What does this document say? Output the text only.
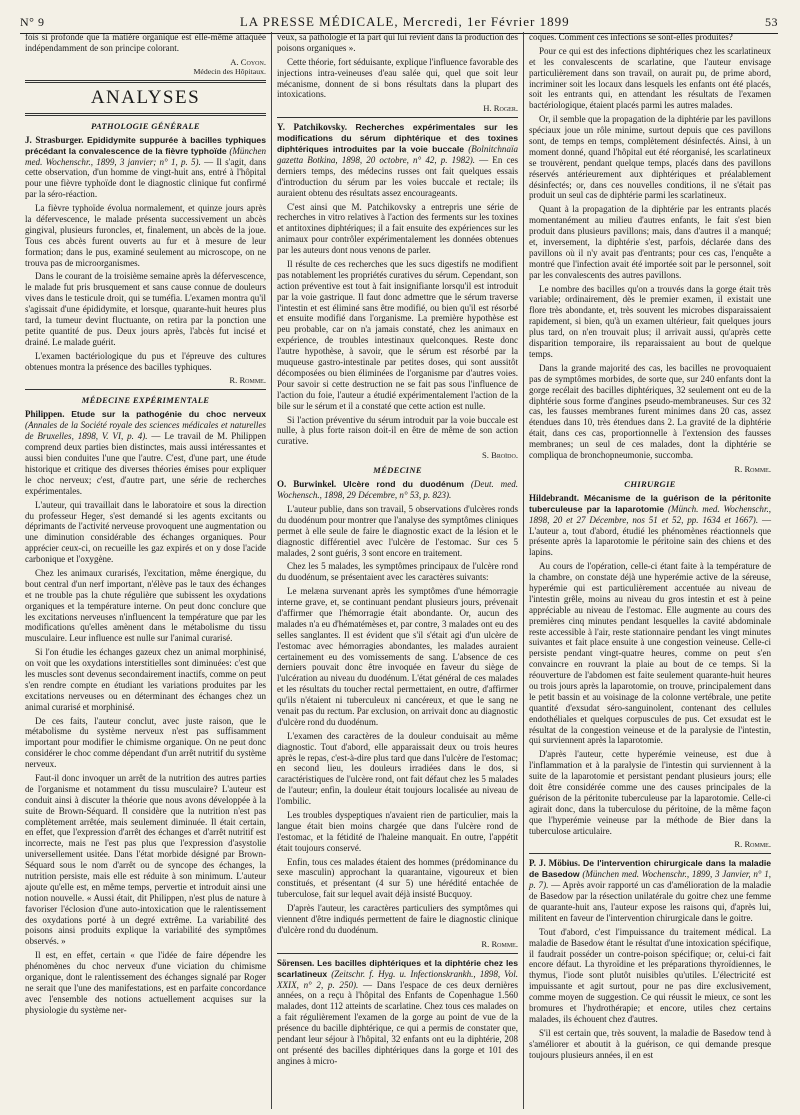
N° 9	LA PRESSE MÉDICALE, Mercredi, 1er Février 1899	53

fois si profonde que la matière organique est elle-même attaquée indépendamment de son principe colorant.

A. Coyon.
Médecin des Hôpitaux.
ANALYSES
PATHOLOGIE GÉNÉRALE

J. Strasburger. Epididymite suppurée à bacilles typhiques précédant la convalescence de la fièvre typhoïde (München med. Wochenschr., 1899, 3 janvier; n° 1, p. 5). — Il s'agit, dans cette observation, d'un homme de vingt-huit ans, entré à l'hôpital pour une fièvre typhoïde dont le diagnostic clinique fut confirmé par la séro-réaction.

La fièvre typhoïde évolua normalement, et quinze jours après la défervescence, le malade présenta successivement un abcès gingival, plusieurs furoncles, et, finalement, un abcès de la joue. Tous ces abcès furent ouverts au fur et à mesure de leur formation; dans le pus, examiné seulement au microscope, on ne trouva pas de microorganismes.

Dans le courant de la troisième semaine après la défervescence, le malade fut pris brusquement et sans cause connue de douleurs vives dans le testicule droit, qui se tuméfia. L'examen montra qu'il s'agissait d'une épididymite, et lorsque, quarante-huit heures plus tard, la tumeur devint fluctuante, on retira par la ponction une petite quantité de pus. Deux jours après, l'abcès fut incisé et drainé. Le malade guérit.

L'examen bactériologique du pus et l'épreuve des cultures obtenues montra la présence des bacilles typhiques.

R. Romme.
MÉDECINE EXPÉRIMENTALE

Philippen. Etude sur la pathogénie du choc nerveux (Annales de la Société royale des sciences médicales et naturelles de Bruxelles, 1898, V. VI, p. 4). — Le travail de M. Philippen comprend deux parties bien distinctes, mais aussi intéressantes et aussi bien conduites l'une que l'autre. C'est, d'une part, une étude historique et critique des diverses théories émises pour expliquer le choc nerveux; c'est, d'autre part, une série de recherches expérimentales.

L'auteur, qui travaillait dans le laboratoire et sous la direction du professeur Heger, s'est demandé si les agents excitants ou déprimants de l'activité nerveuse provoquent une augmentation ou une diminution considérable des échanges organiques. Pour apprécier ceux-ci, on recueille les gaz expirés et on y dose l'acide carbonique et l'oxygène.

Chez les animaux curarisés, l'excitation, même énergique, du bout central d'un nerf important, n'élève pas le taux des échanges et ne trouble pas la chute régulière que subissent les oxydations organiques et la température interne. On peut donc conclure que les excitations nerveuses n'influencent la température que par les modifications qu'elles amènent dans le métabolisme du tissu musculaire. Leur influence est nulle sur l'animal curarisé.

Si l'on étudie les échanges gazeux chez un animal morphinisé, on voit que les oxydations interstitielles sont diminuées: c'est que les muscles sont devenus secondairement inactifs, comme on peut s'en rendre compte en étudiant les variations produites par les excitations nerveuses ou en déterminant des échanges chez un animal curarisé et morphinisé.

De ces faits, l'auteur conclut, avec juste raison, que le métabolisme du système nerveux n'est pas suffisamment important pour modifier le chimisme organique. On ne peut donc considérer le choc comme dépendant d'un arrêt nutritif du système nerveux.

Faut-il donc invoquer un arrêt de la nutrition des autres parties de l'organisme et notamment du tissu musculaire? L'auteur est conduit ainsi à discuter la théorie que nous avons développée à la suite de Brown-Séquard. Il considère que la nutrition n'est pas complètement arrêtée, mais seulement diminuée. Il était certain, en effet, que l'expression d'arrêt des échanges et d'arrêt nutritif est incorrecte, mais ne l'est pas plus que l'expression d'asystolie universellement usitée. Dans l'état morbide désigné par Brown-Séquard sous le nom d'arrêt ou de syncope des échanges, la nutrition persiste, mais elle est réduite à son minimum. L'auteur ajoute qu'elle est, en même temps, pervertie et introduit ainsi une notion nouvelle. « Aussi était, dit Philippen, n'est plus de nature à favoriser l'éclosion d'une auto-intoxication que le ralentissement des oxydations porté à un degré extrême. La variabilité des poisons ainsi produits explique la variabilité des symptômes observés. »

Il est, en effet, certain « que l'idée de faire dépendre les phénomènes du choc nerveux d'une viciation du chimisme organique, dont le ralentissement des échanges signalé par Roger ne serait que l'une des manifestations, est en parfaite concordance avec l'ensemble des notions actuellement acquises sur la physiologie du système ner-

veux, sa pathologie et la part qui lui revient dans la production des poisons organiques ».

Cette théorie, fort séduisante, explique l'influence favorable des injections intra-veineuses d'eau salée qui, quel que soit leur mécanisme, donnent de si bons résultats dans la plupart des intoxications.

H. Roger.

Y. Patchikovsky. Recherches expérimentales sur les modifications du sérum diphtérique et des toxines diphtériques introduites par la voie buccale (Bolnitchnaïa gazetta Botkina, 1898, 20 octobre, n° 42, p. 1982). — En ces derniers temps, des médecins russes ont fait quelques essais d'introduction du sérum par les voies buccale et rectale; ils auraient obtenu des résultats assez encourageants.

C'est ainsi que M. Patchikovsky a entrepris une série de recherches in vitro relatives à l'action des ferments sur les toxines et antitoxines diphtériques; il a fait ensuite des expériences sur les animaux pour contrôler expérimentalement les données obtenues par les auteurs dont nous venons de parler.

Il résulte de ces recherches que les sucs digestifs ne modifient pas notablement les propriétés curatives du sérum. Cependant, son action préventive est tout à fait insignifiante lorsqu'il est introduit par la voie gastrique. Il faut donc admettre que le sérum traverse l'intestin et est éliminé sans être modifié, ou bien qu'il est résorbé et ensuite modifié dans l'organisme. La première hypothèse est peu probable, car on n'a jamais constaté, chez les animaux en expérience, de troubles intestinaux quelconques. Reste donc l'autre hypothèse, à savoir, que le sérum est résorbé par la muqueuse gastro-intestinale par petites doses, qui sont aussitôt décomposées ou bien éliminées de l'organisme par d'autres voies. Pour savoir si cette destruction ne se fait pas sous l'influence de l'action du foie, l'auteur a étudié expérimentalement l'action de la bile sur le sérum et il a constaté que cette action est nulle.

Si l'action préventive du sérum introduit par la voie buccale est nulle, à plus forte raison doit-il en être de même de son action curative.

S. Broïdo.
MÉDECINE

O. Burwinkel. Ulcère rond du duodénum (Deut. med. Wochensch., 1898, 29 Décembre, n° 53, p. 823).

L'auteur publie, dans son travail, 5 observations d'ulcères ronds du duodénum pour montrer que l'analyse des symptômes cliniques permet à elle seule de faire le diagnostic exact de la lésion et le diagnostic différentiel avec l'ulcère de l'estomac. Sur ces 5 malades, 2 sont guéris, 3 sont encore en traitement.

Chez les 5 malades, les symptômes principaux de l'ulcère rond du duodénum, se présentaient avec les caractères suivants:

Le melæna survenant après les symptômes d'une hémorragie interne grave, et, se continuant pendant plusieurs jours, prévenait d'affirmer que l'hémorragie était abondante. Or, aucun des malades n'a eu d'hématémèses et, par contre, 3 malades ont eu des selles sanglantes. Il est évident que s'il s'était agi d'un ulcère de l'estomac avec hémorragies abondantes, les malades auraient certainement eu des vomissements de sang. L'absence de ces derniers pouvait donc être invoquée en faveur du siège de l'ulcération au niveau du duodénum. L'état général de ces malades et les résultats du toucher rectal permettaient, en outre, d'affirmer qu'ils n'étaient ni tuberculeux ni cancéreux, et que le sang ne venait pas du rectum. Par exclusion, on arrivait donc au diagnostic d'ulcère rond du duodénum.

L'examen des caractères de la douleur conduisait au même diagnostic. Tout d'abord, elle apparaissait deux ou trois heures après le repas, c'est-à-dire plus tard que dans l'ulcère de l'estomac; en second lieu, les douleurs irradiées dans le dos, si caractéristiques de l'ulcère rond, ont fait défaut chez les 5 malades de l'auteur; enfin, la douleur était toujours localisée au niveau de l'ombilic.

Les troubles dyspeptiques n'avaient rien de particulier, mais la langue était bien moins chargée que dans l'ulcère rond de l'estomac, et la fétidité de l'haleine manquait. En outre, l'appétit était toujours conservé.

Enfin, tous ces malades étaient des hommes (prédominance du sexe masculin) approchant la quarantaine, vigoureux et bien constitués, et présentant (4 sur 5) une hérédité entachée de tuberculose, fait sur lequel avait déjà insisté Bucquoy.

D'après l'auteur, les caractères particuliers des symptômes qui viennent d'être indiqués permettent de faire le diagnostic clinique d'ulcère rond du duodénum.

R. Romme.

Sörensen. Les bacilles diphtériques et la diphtérie chez les scarlatineux (Zeitschr. f. Hyg. u. Infectionskrankh., 1898, Vol. XXIX, n° 2, p. 250). — Dans l'espace de ces deux dernières années, on a reçu à l'hôpital des Enfants de Copenhague 1.560 malades, dont 112 atteints de scarlatine. Chez tous ces malades on a fait régulièrement l'examen de la gorge au point de vue de la présence du bacille diphtérique, ce qui a permis de constater que, pendant leur séjour à l'hôpital, 32 enfants ont eu la diphtérie, 208 ont présenté des bacilles diphtériques dans la gorge et 101 des angines à micro-

coques. Comment ces infections se sont-elles produites?

Pour ce qui est des infections diphtériques chez les scarlatineux et les convalescents de scarlatine, que l'auteur envisage particulièrement dans son travail, on aurait pu, de prime abord, incriminer soit les locaux dans lesquels les enfants ont été placés, soit les entrants qui, en attendant les résultats de l'examen bactériologique, étaient placés parmi les autres malades.

Or, il semble que la propagation de la diphtérie par les pavillons spéciaux joue un rôle minime, surtout depuis que ces pavillons sont, de temps en temps, complètement désinfectés. Ainsi, à un moment donné, quand l'hôpital eut été réorganisé, les scarlatineux se trouvèrent, pendant quelque temps, placés dans des pavillons réservés antérieurement aux diphtériques et préalablement désinfectés; or, dans ces nouvelles conditions, il ne s'était pas produit un seul cas de diphtérie parmi les scarlatineux.

Quant à la propagation de la diphtérie par les entrants placés momentanément au milieu d'autres enfants, le fait s'est bien produit dans plusieurs pavillons; mais, dans d'autres il a manqué; et, inversement, la diphtérie s'est, parfois, déclarée dans des pavillons où il n'y avait pas d'entrants; pour ces cas, l'enquête a montré que l'infection avait été importée soit par le personnel, soit par les convalescents des autres pavillons.

Le nombre des bacilles qu'on a trouvés dans la gorge était très variable; ordinairement, dès le premier examen, il existait une flore très abondante, et, très souvent les microbes disparaissaient rapidement, si bien, qu'à un examen ultérieur, fait quelques jours plus tard, on n'en trouvait plus; il arrivait aussi, qu'après cette disparition temporaire, ils reparaissaient au bout de quelque temps.

Dans la grande majorité des cas, les bacilles ne provoquaient pas de symptômes morbides, de sorte que, sur 240 enfants dont la gorge recélait des bacilles diphtériques, 32 seulement ont eu de la diphtérie sous forme d'angines pseudo-membraneuses. Sur ces 32 cas, les fausses membranes furent minimes dans 20 cas, assez étendues dans 10, très étendues dans 2. La gravité de la diphtérie était, dans ces cas, proportionnelle à l'extension des fausses membranes; un seul de ces malades, dont la diphtérie se compliqua de bronchopneumonie, succomba.

R. Romme.
CHIRURGIE

Hildebrandt. Mécanisme de la guérison de la péritonite tuberculeuse par la laparotomie (Münch. med. Wochenschr., 1898, 20 et 27 Décembre, nos 51 et 52, pp. 1634 et 1667). — L'auteur a, tout d'abord, étudié les phénomènes réactionnels que présente après la laparotomie le péritoine sain des chiens et des lapins.

Au cours de l'opération, celle-ci étant faite à la température de la chambre, on constate déjà une hyperémie active de la séreuse, hyperémie qui est particulièrement accentuée au niveau de l'intestin grêle, moins au niveau du gros intestin et est à peine appréciable au niveau de l'estomac. Elle augmente au cours des premières cinq minutes pendant lesquelles la cavité abdominale reste accessible à l'air, reste stationnaire pendant les vingt minutes suivantes et fait place ensuite à une congestion veineuse. Celle-ci persiste pendant vingt-quatre heures, comme on peut s'en convaincre en rouvrant la plaie au bout de ce temps. Si la réouverture de l'abdomen est faite seulement quarante-huit heures ou trois jours après la laparotomie, on trouve, principalement dans le petit bassin et au voisinage de la colonne vertébrale, une petite quantité d'exsudat séro-sanguinolent, contenant des cellules endothéliales et quelques corpuscules de pus. Cet exsudat est le résultat de la congestion veineuse et de la paralysie de l'intestin, qui surviennent après la laparotomie.

D'après l'auteur, cette hyperémie veineuse, est due à l'inflammation et à la paralysie de l'intestin qui surviennent à la suite de la laparotomie et persistant pendant plusieurs jours; elle doit être considérée comme une des causes principales de la guérison de la péritonite tuberculeuse par la laparotomie. Celle-ci agirait donc, dans la tuberculose du péritoine, de la même façon que l'hyperémie veineuse par la méthode de Bier dans la tuberculose articulaire.

R. Romme.

P. J. Möbius. De l'intervention chirurgicale dans la maladie de Basedow (München med. Wochenschr., 1899, 3 Janvier, n° 1, p. 7). — Après avoir rapporté un cas d'amélioration de la maladie de Basedow par la résection unilatérale du goitre chez une femme de quarante-huit ans, l'auteur expose les raisons qui, d'après lui, militent en faveur de l'intervention chirurgicale dans le goitre.

Tout d'abord, c'est l'impuissance du traitement médical. La maladie de Basedow étant le résultat d'une intoxication spécifique, il faudrait posséder un contre-poison spécifique; or, celui-ci fait encore défaut. La thyroïdine et les préparations thyroïdiennes, le thymus, l'iode sont plutôt nuisibles qu'utiles. L'électricité est impuissante et agit surtout, pour ne pas dire exclusivement, comme moyen de suggestion. Ce qui réussit le mieux, ce sont les bromures et l'hydrothérapie; et encore, utiles chez certains malades, ils échouent chez d'autres.

S'il est certain que, très souvent, la maladie de Basedow tend à s'améliorer et aboutit à la guérison, ce qui demande presque toujours plusieurs années, il en est
